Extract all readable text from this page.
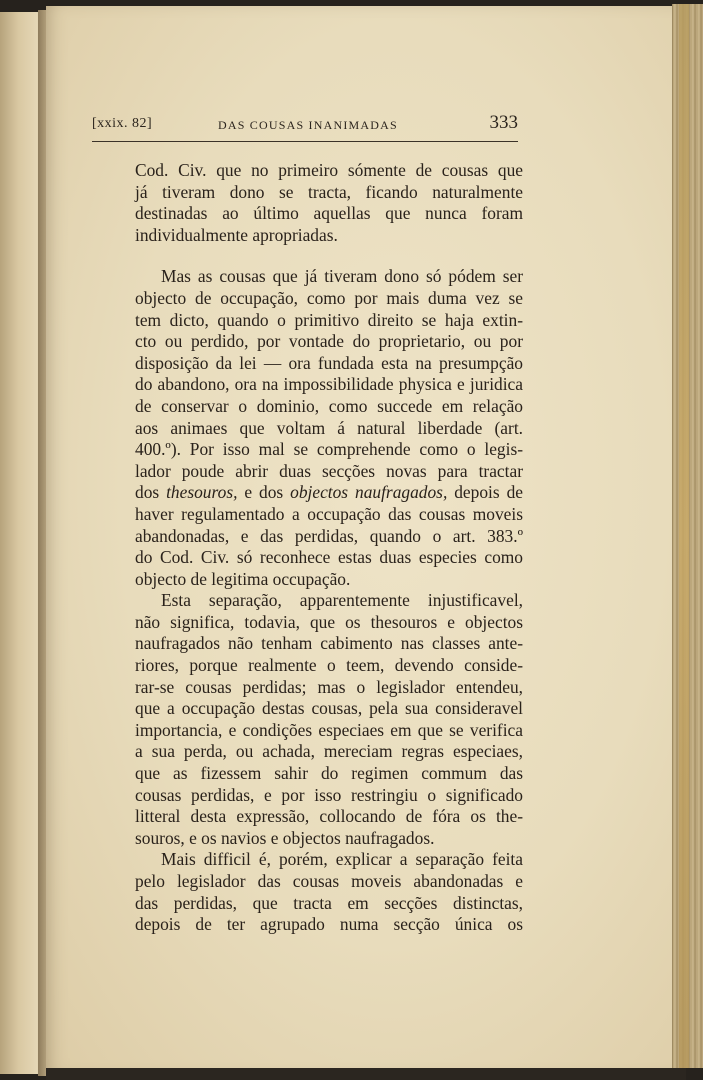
[xxix. 82]	DAS COUSAS INANIMADAS	333

Cod. Civ. que no primeiro sómente de cousas que

já tiveram dono se tracta, ficando naturalmente

destinadas ao último aquellas que nunca foram

individualmente apropriadas.

Mas as cousas que já tiveram dono só pódem ser

objecto de occupação, como por mais duma vez se

tem dicto, quando o primitivo direito se haja extin-

cto ou perdido, por vontade do proprietario, ou por

disposição da lei — ora fundada esta na presumpção

do abandono, ora na impossibilidade physica e juridica

de conservar o dominio, como succede em relação

aos animaes que voltam á natural liberdade (art.

400.º). Por isso mal se comprehende como o legis-

lador poude abrir duas secções novas para tractar

dos thesouros, e dos objectos naufragados, depois de

haver regulamentado a occupação das cousas moveis

abandonadas, e das perdidas, quando o art. 383.º

do Cod. Civ. só reconhece estas duas especies como

objecto de legitima occupação.

Esta separação, apparentemente injustificavel,

não significa, todavia, que os thesouros e objectos

naufragados não tenham cabimento nas classes ante-

riores, porque realmente o teem, devendo conside-

rar-se cousas perdidas; mas o legislador entendeu,

que a occupação destas cousas, pela sua consideravel

importancia, e condições especiaes em que se verifica

a sua perda, ou achada, mereciam regras especiaes,

que as fizessem sahir do regimen commum das

cousas perdidas, e por isso restringiu o significado

litteral desta expressão, collocando de fóra os the-

souros, e os navios e objectos naufragados.

Mais difficil é, porém, explicar a separação feita

pelo legislador das cousas moveis abandonadas e

das perdidas, que tracta em secções distinctas,

depois de ter agrupado numa secção única os
